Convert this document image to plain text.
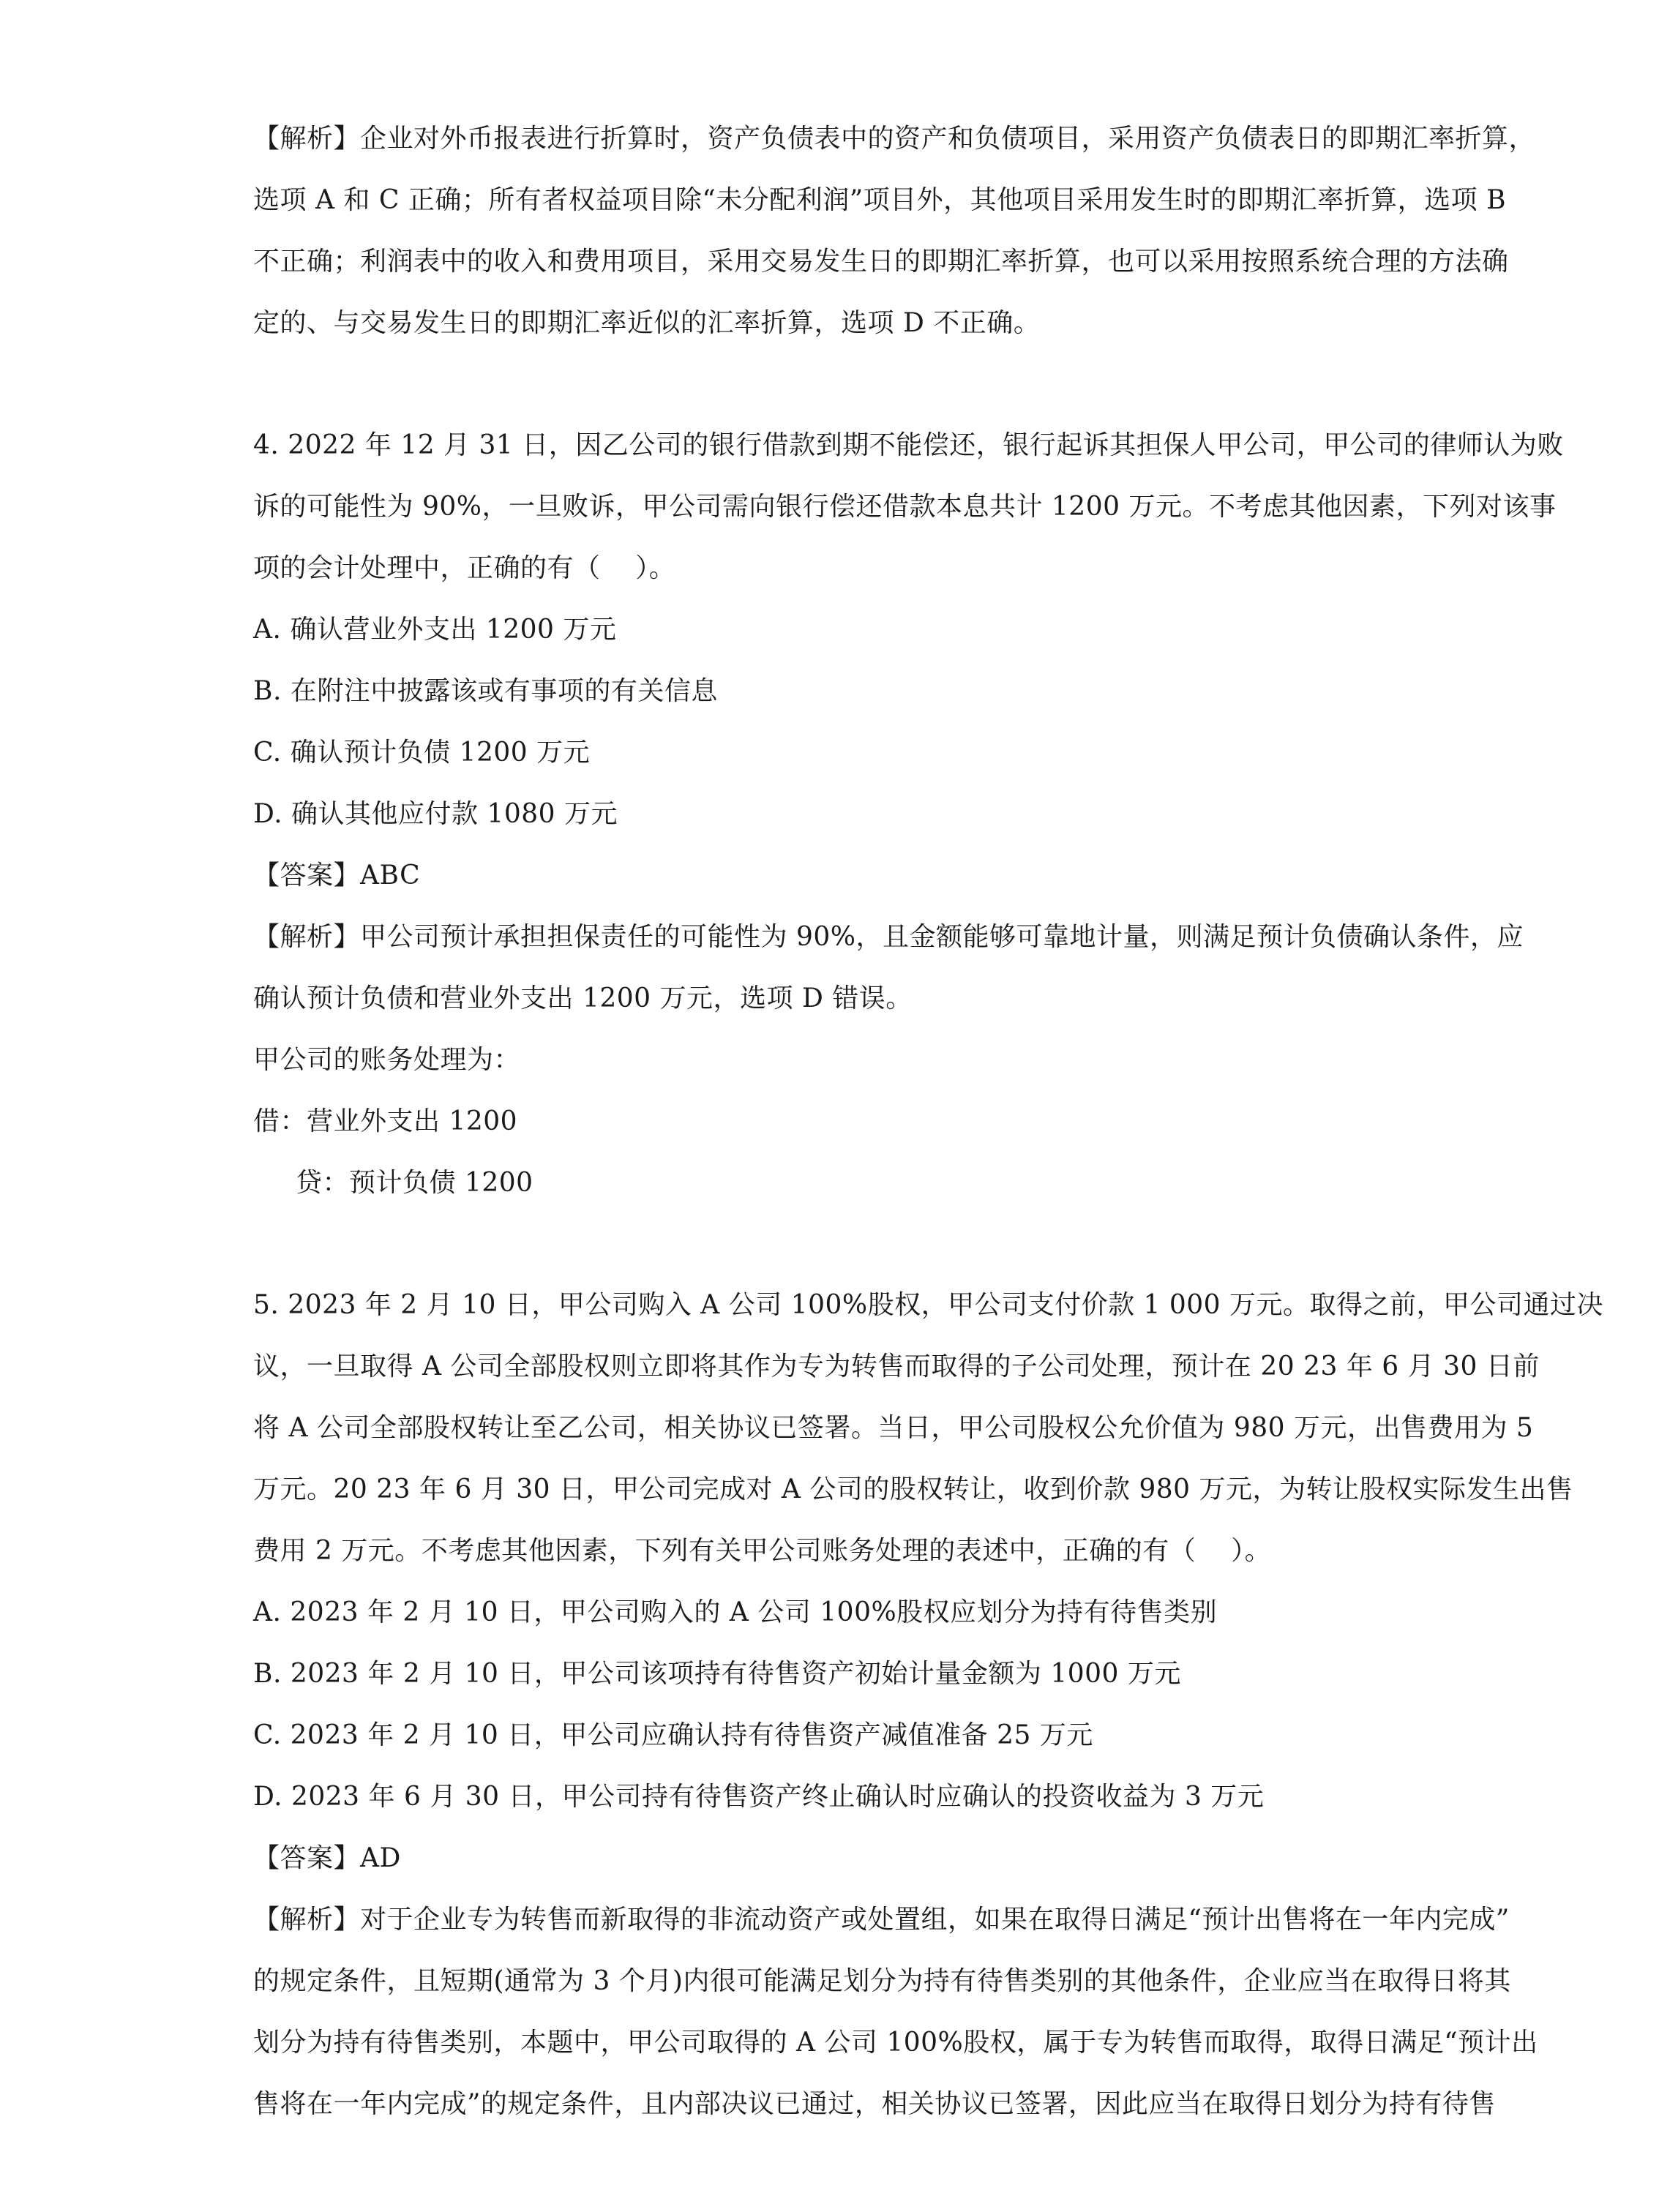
【解析】企业对外币报表进行折算时，资产负债表中的资产和负债项目，采用资产负债表日的即期汇率折算，
选项 A 和 C 正确；所有者权益项目除“未分配利润”项目外，其他项目采用发生时的即期汇率折算，选项 B
不正确；利润表中的收入和费用项目，采用交易发生日的即期汇率折算，也可以采用按照系统合理的方法确
定的、与交易发生日的即期汇率近似的汇率折算，选项 D 不正确。
4. 2022 年 12 月 31 日，因乙公司的银行借款到期不能偿还，银行起诉其担保人甲公司，甲公司的律师认为败
诉的可能性为 90%，一旦败诉，甲公司需向银行偿还借款本息共计 1200 万元。不考虑其他因素，下列对该事
项的会计处理中，正确的有（    ）。
A. 确认营业外支出 1200 万元
B. 在附注中披露该或有事项的有关信息
C. 确认预计负债 1200 万元
D. 确认其他应付款 1080 万元
【答案】ABC
【解析】甲公司预计承担担保责任的可能性为 90%，且金额能够可靠地计量，则满足预计负债确认条件，应
确认预计负债和营业外支出 1200 万元，选项 D 错误。
甲公司的账务处理为：
借：营业外支出 1200
贷：预计负债 1200
5. 2023 年 2 月 10 日，甲公司购入 A 公司 100%股权，甲公司支付价款 1 000 万元。取得之前，甲公司通过决
议，一旦取得 A 公司全部股权则立即将其作为专为转售而取得的子公司处理，预计在 20 23 年 6 月 30 日前
将 A 公司全部股权转让至乙公司，相关协议已签署。当日，甲公司股权公允价值为 980 万元，出售费用为 5
万元。20 23 年 6 月 30 日，甲公司完成对 A 公司的股权转让，收到价款 980 万元，为转让股权实际发生出售
费用 2 万元。不考虑其他因素，下列有关甲公司账务处理的表述中，正确的有（    ）。
A. 2023 年 2 月 10 日，甲公司购入的 A 公司 100%股权应划分为持有待售类别
B. 2023 年 2 月 10 日，甲公司该项持有待售资产初始计量金额为 1000 万元
C. 2023 年 2 月 10 日，甲公司应确认持有待售资产减值准备 25 万元
D. 2023 年 6 月 30 日，甲公司持有待售资产终止确认时应确认的投资收益为 3 万元
【答案】AD
【解析】对于企业专为转售而新取得的非流动资产或处置组，如果在取得日满足“预计出售将在一年内完成”
的规定条件，且短期(通常为 3 个月)内很可能满足划分为持有待售类别的其他条件，企业应当在取得日将其
划分为持有待售类别，本题中，甲公司取得的 A 公司 100%股权，属于专为转售而取得，取得日满足“预计出
售将在一年内完成”的规定条件，且内部决议已通过，相关协议已签署，因此应当在取得日划分为持有待售
